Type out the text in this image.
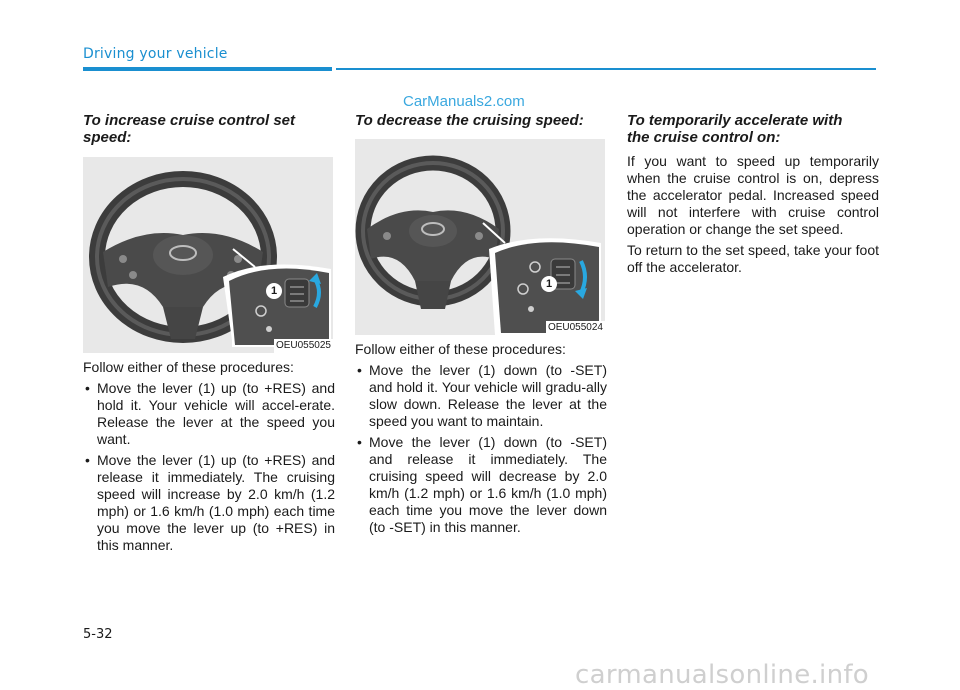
Driving your vehicle
CarManuals2.com
To increase cruise control set speed:
1
OEU055025

Follow either of these procedures:

• Move the lever (1) up (to +RES) and hold it. Your vehicle will accel-erate. Release the lever at the speed you want.
• Move the lever (1) up (to +RES) and release it immediately. The cruising speed will increase by 2.0 km/h (1.2 mph) or 1.6 km/h (1.0 mph) each time you move the lever up (to +RES) in this manner.
To decrease the cruising speed:
1
OEU055024

Follow either of these procedures:

• Move the lever (1) down (to -SET) and hold it. Your vehicle will gradu-ally slow down. Release the lever at the speed you want to maintain.
• Move the lever (1) down (to -SET) and release it immediately. The cruising speed will decrease by 2.0 km/h (1.2 mph) or 1.6 km/h (1.0 mph) each time you move the lever down (to -SET) in this manner.
To temporarily accelerate with the cruise control on:

If you want to speed up temporarily when the cruise control is on, depress the accelerator pedal. Increased speed will not interfere with cruise control operation or change the set speed.

To return to the set speed, take your foot off the accelerator.

5-32
carmanualsonline.info
